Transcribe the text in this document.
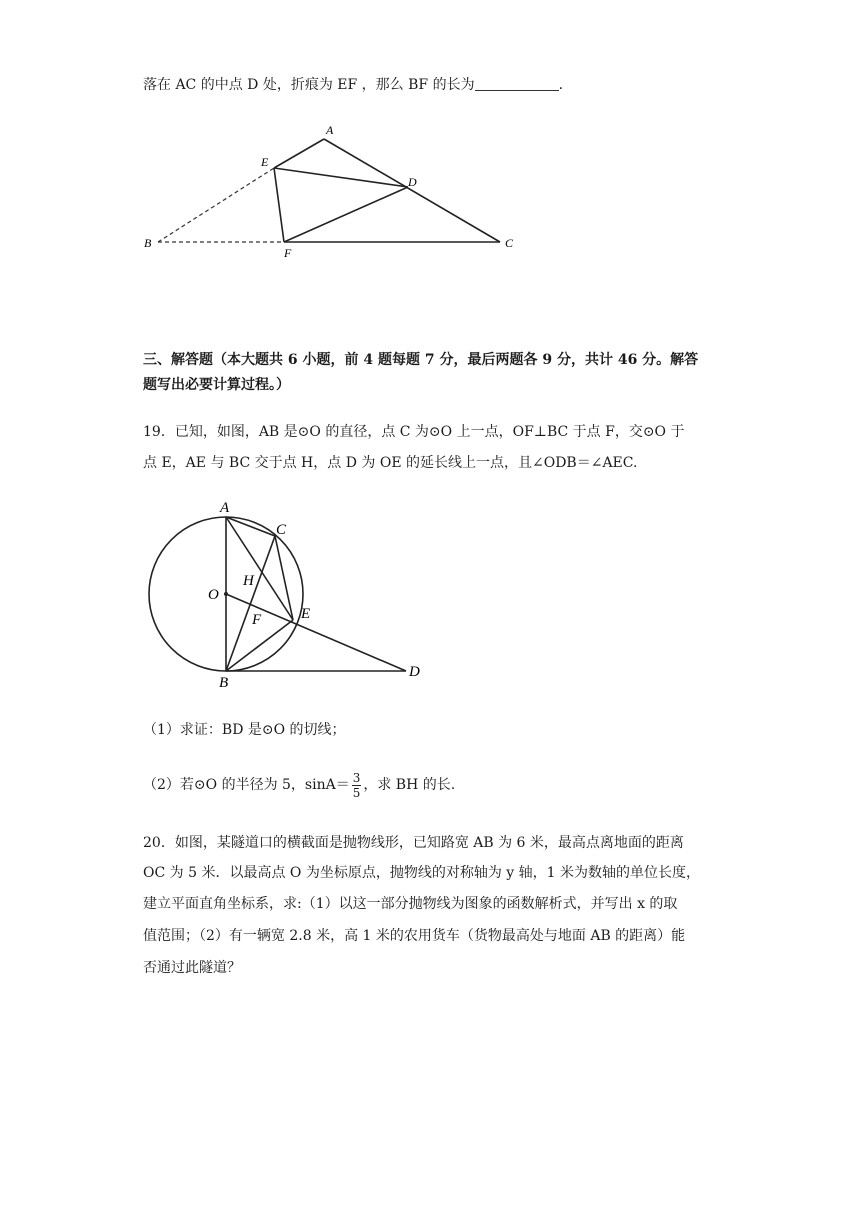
落在 AC 的中点 D 处，折痕为 EF ，那么 BF 的长为	.
A
E
D
B
F
C
三、解答题（本大题共 6 小题，前 4 题每题 7 分，最后两题各 9 分，共计 46 分。解答
题写出必要计算过程。）
19．已知，如图，AB 是⊙O 的直径，点 C 为⊙O 上一点，OF⊥BC 于点 F，交⊙O 于
点 E，AE 与 BC 交于点 H，点 D 为 OE 的延长线上一点，且∠ODB＝∠AEC.
A
C
H
O
E
F
B
D
（1）求证：BD 是⊙O 的切线；
（2）若⊙O 的半径为 5，$\sin A= \frac{3}{5}$ ，求 BH 的长.
20．如图，某隧道口的横截面是抛物线形，已知路宽 AB 为 6 米，最高点离地面的距离
OC 为 5 米．以最高点 O 为坐标原点，抛物线的对称轴为 y 轴，1 米为数轴的单位长度，
建立平面直角坐标系，求:（1）以这一部分抛物线为图象的函数解析式，并写出 x 的取
值范围；（2）有一辆宽 2.8 米，高 1 米的农用货车（货物最高处与地面 AB 的距离）能
否通过此隧道？
